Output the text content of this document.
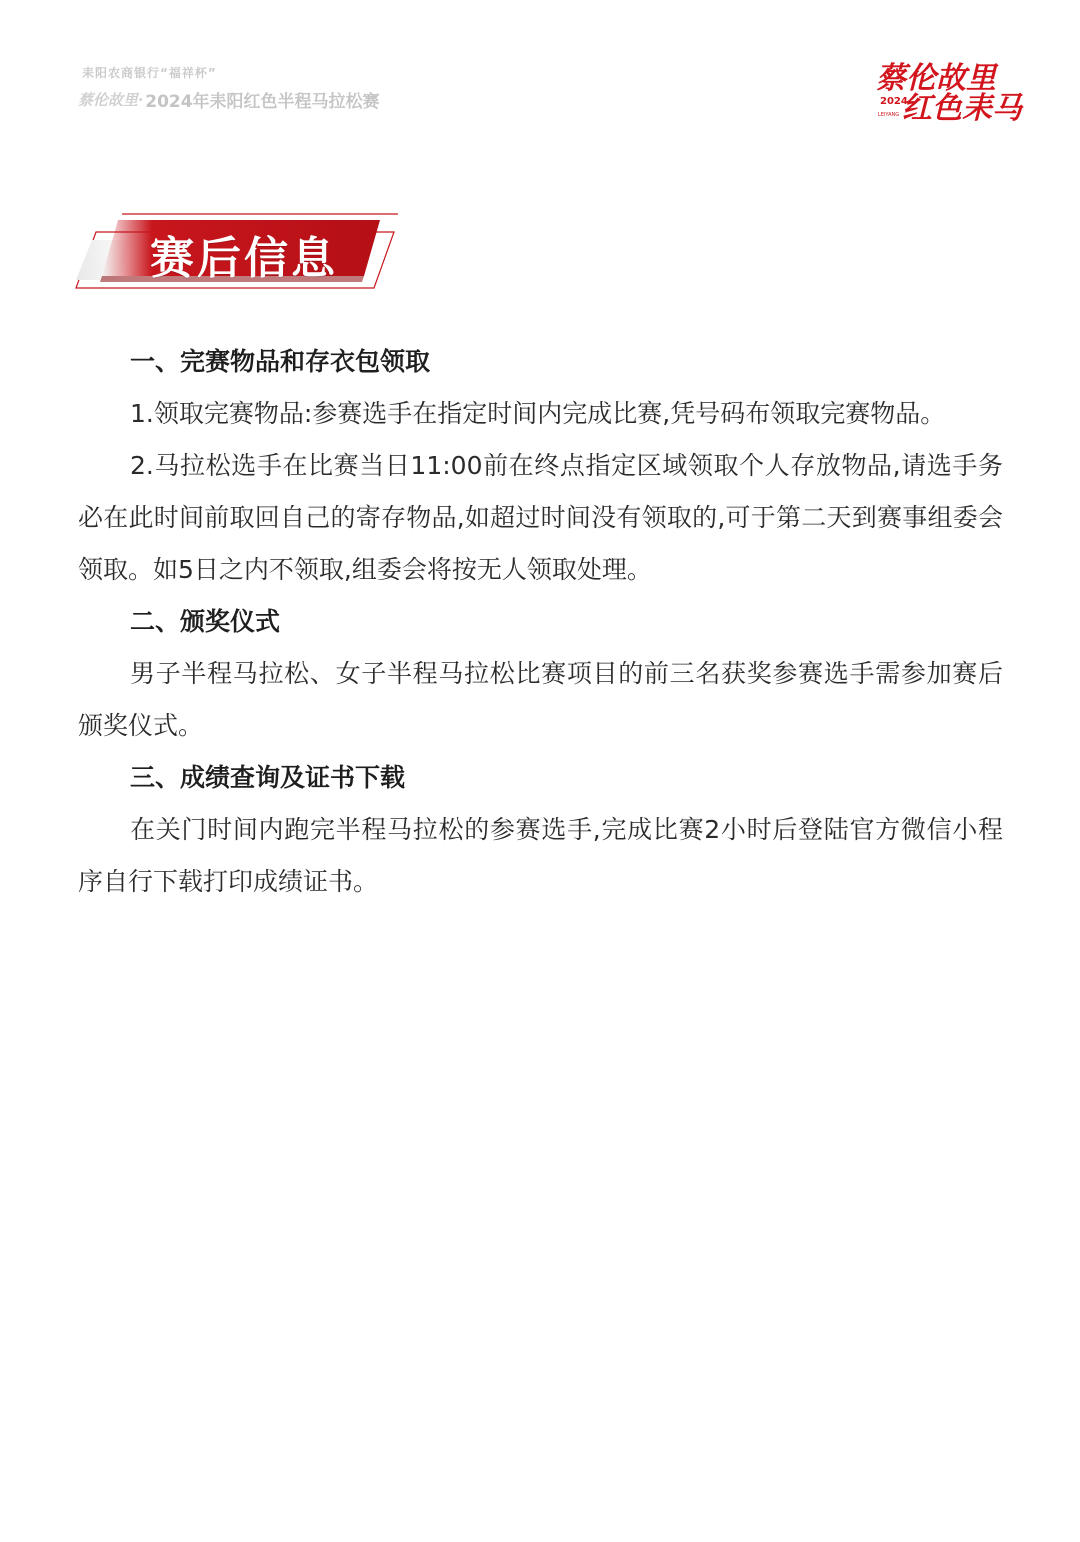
耒阳农商银行“福祥杯”
蔡伦故里· 2024年耒阳红色半程马拉松赛
蔡伦故里
红色耒马
2024
LEIYANG
赛后信息
一、完赛物品和存衣包领取

1.领取完赛物品:参赛选手在指定时间内完成比赛,凭号码布领取完赛物品。

2.马拉松选手在比赛当日11:00前在终点指定区域领取个人存放物品,请选手务必在此时间前取回自己的寄存物品,如超过时间没有领取的,可于第二天到赛事组委会领取。如5日之内不领取,组委会将按无人领取处理。

二、颁奖仪式

男子半程马拉松、女子半程马拉松比赛项目的前三名获奖参赛选手需参加赛后颁奖仪式。

三、成绩查询及证书下载

在关门时间内跑完半程马拉松的参赛选手,完成比赛2小时后登陆官方微信小程序自行下载打印成绩证书。
